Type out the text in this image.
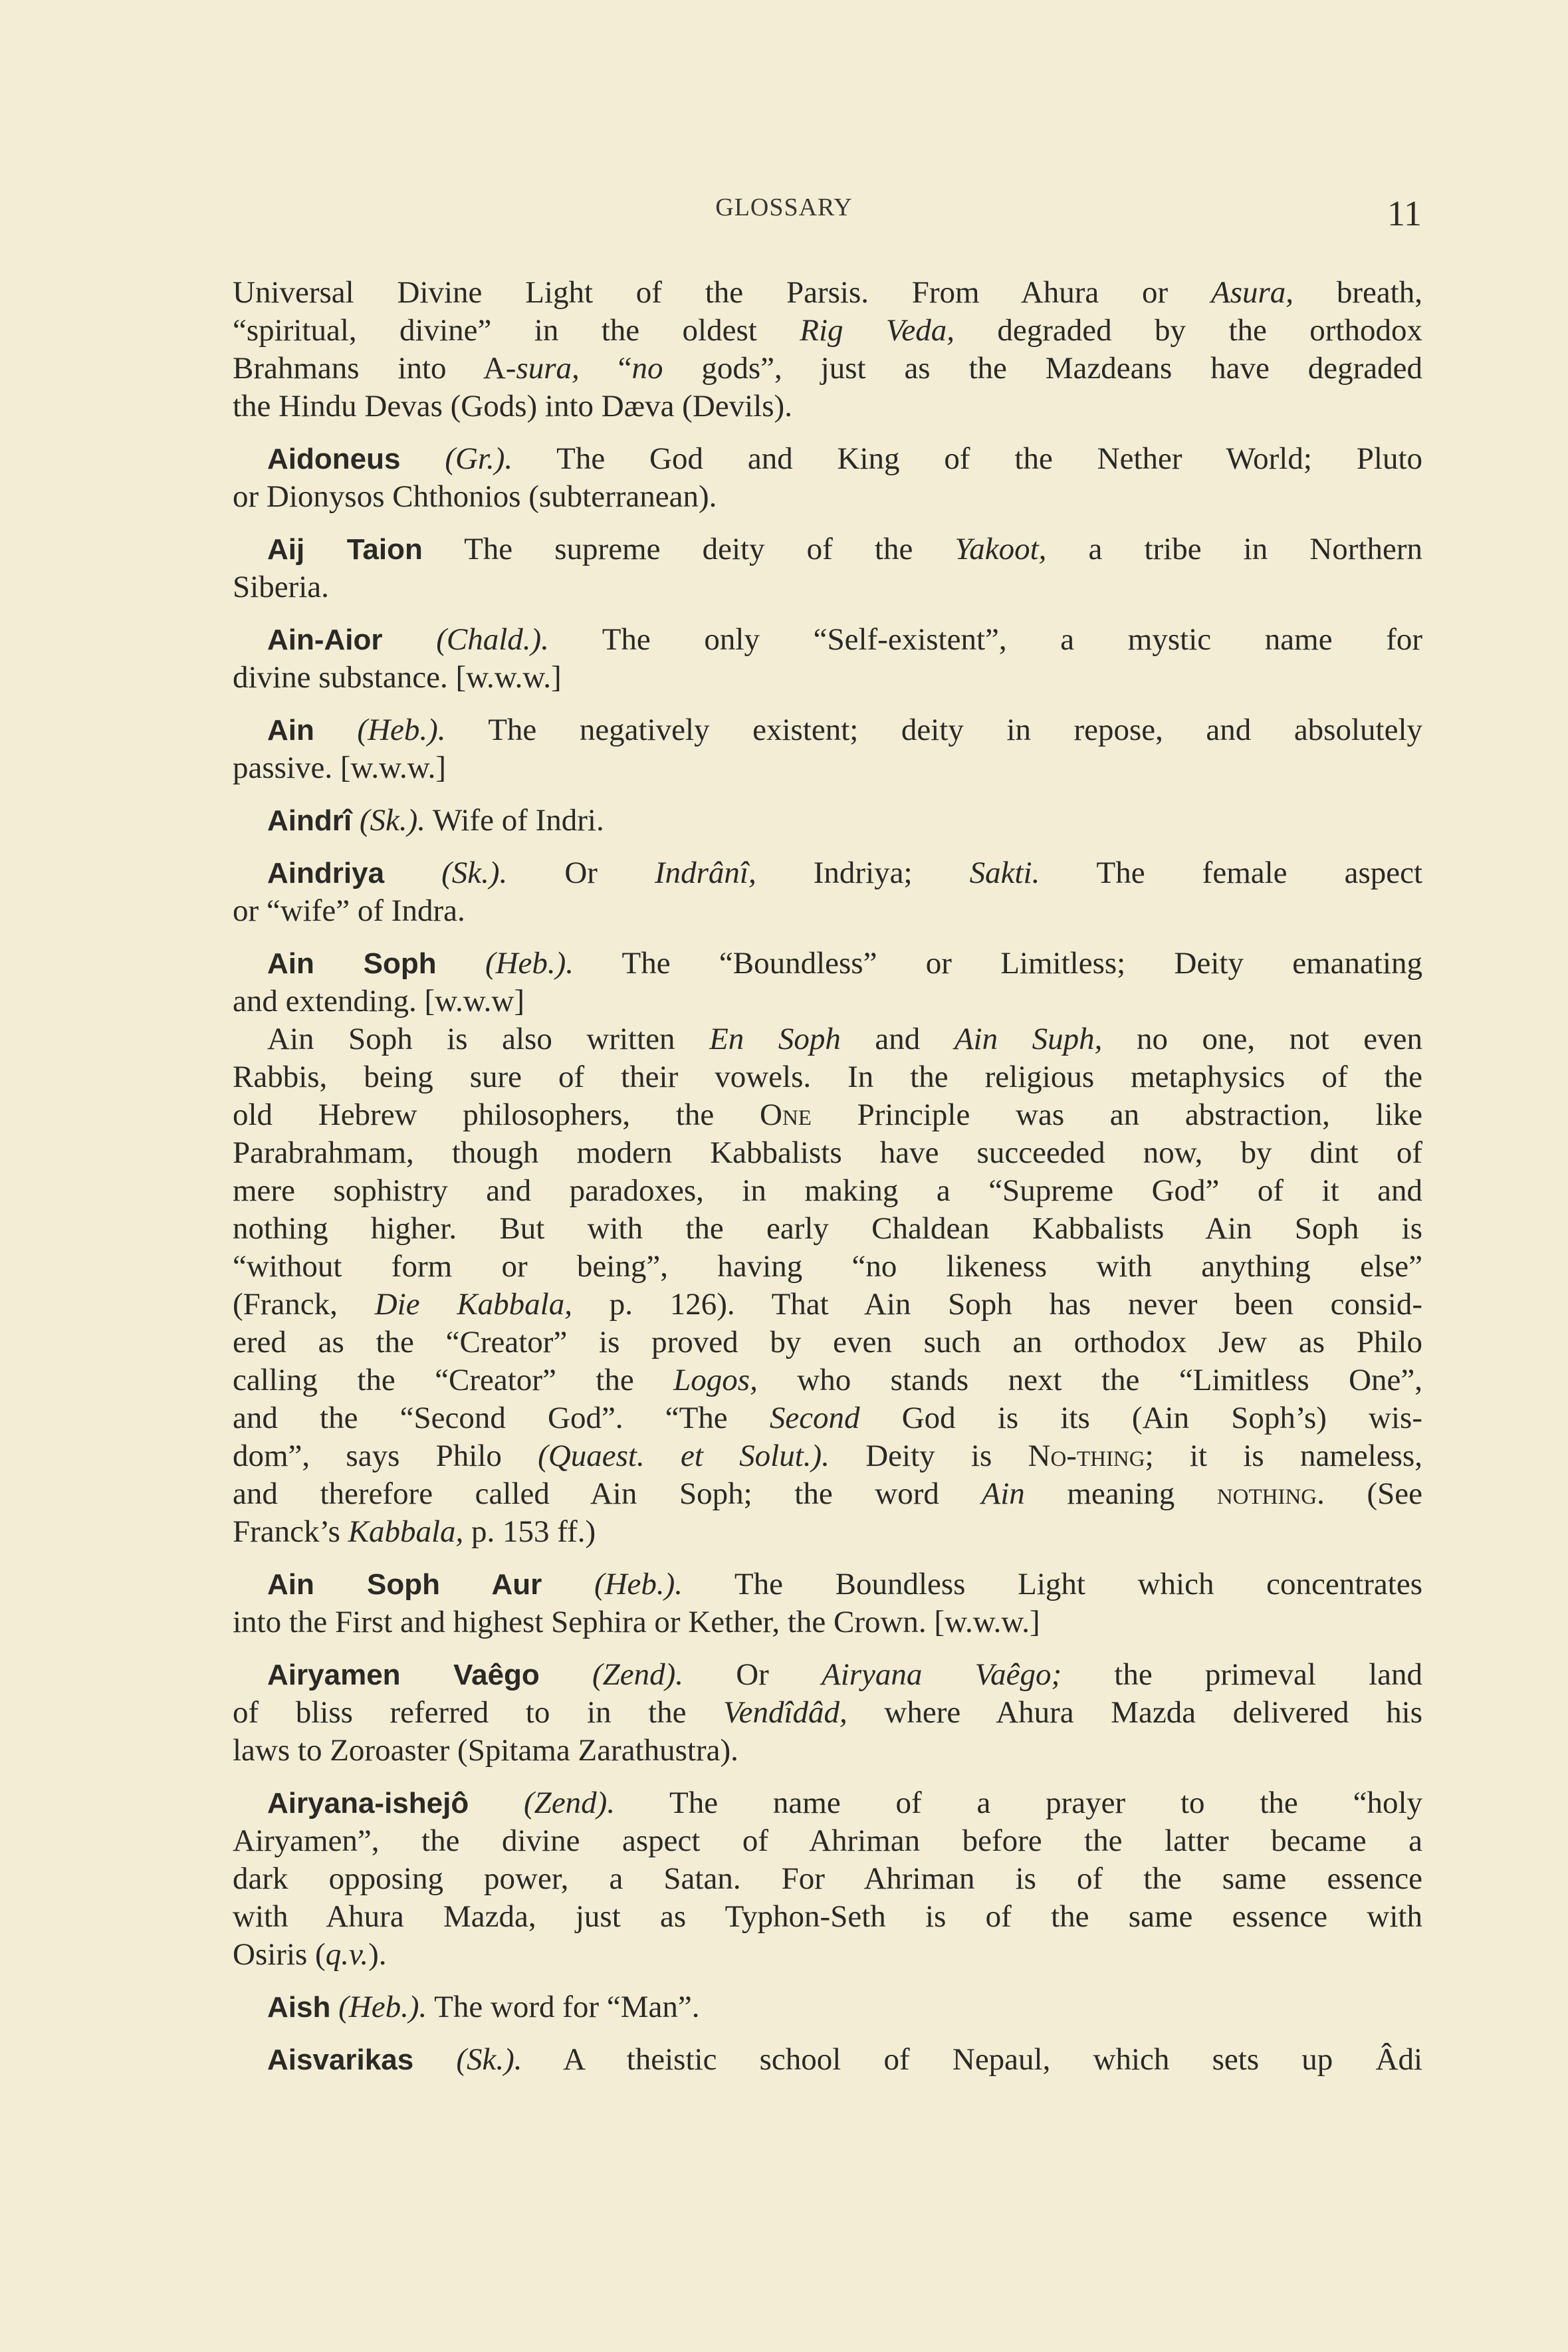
GLOSSARY	11
Universal Divine Light of the Parsis. From Ahura or Asura, breath,
“spiritual, divine” in the oldest Rig Veda, degraded by the orthodox
Brahmans into A-sura, “no gods”, just as the Mazdeans have degraded
the Hindu Devas (Gods) into Dæva (Devils).
Aidoneus (Gr.). The God and King of the Nether World; Pluto
or Dionysos Chthonios (subterranean).
Aij Taion The supreme deity of the Yakoot, a tribe in Northern
Siberia.
Ain-Aior (Chald.). The only “Self-existent”, a mystic name for
divine substance. [w.w.w.]
Ain (Heb.). The negatively existent; deity in repose, and absolutely
passive. [w.w.w.]
Aindrî (Sk.). Wife of Indri.
Aindriya (Sk.). Or Indrânî, Indriya; Sakti. The female aspect
or “wife” of Indra.
Ain Soph (Heb.). The “Boundless” or Limitless; Deity emanating
and extending. [w.w.w]
Ain Soph is also written En Soph and Ain Suph, no one, not even
Rabbis, being sure of their vowels. In the religious metaphysics of the
old Hebrew philosophers, the One Principle was an abstraction, like
Parabrahmam, though modern Kabbalists have succeeded now, by dint of
mere sophistry and paradoxes, in making a “Supreme God” of it and
nothing higher. But with the early Chaldean Kabbalists Ain Soph is
“without form or being”, having “no likeness with anything else”
(Franck, Die Kabbala, p. 126). That Ain Soph has never been consid-
ered as the “Creator” is proved by even such an orthodox Jew as Philo
calling the “Creator” the Logos, who stands next the “Limitless One”,
and the “Second God”. “The Second God is its (Ain Soph’s) wis-
dom”, says Philo (Quaest. et Solut.). Deity is No-thing; it is nameless,
and therefore called Ain Soph; the word Ain meaning nothing. (See
Franck’s Kabbala, p. 153 ff.)
Ain Soph Aur (Heb.). The Boundless Light which concentrates
into the First and highest Sephira or Kether, the Crown. [w.w.w.]
Airyamen Vaêgo (Zend). Or Airyana Vaêgo; the primeval land
of bliss referred to in the Vendîdâd, where Ahura Mazda delivered his
laws to Zoroaster (Spitama Zarathustra).
Airyana-ishejô (Zend). The name of a prayer to the “holy
Airyamen”, the divine aspect of Ahriman before the latter became a
dark opposing power, a Satan. For Ahriman is of the same essence
with Ahura Mazda, just as Typhon-Seth is of the same essence with
Osiris (q.v.).
Aish (Heb.). The word for “Man”.
Aisvarikas (Sk.). A theistic school of Nepaul, which sets up Âdi
